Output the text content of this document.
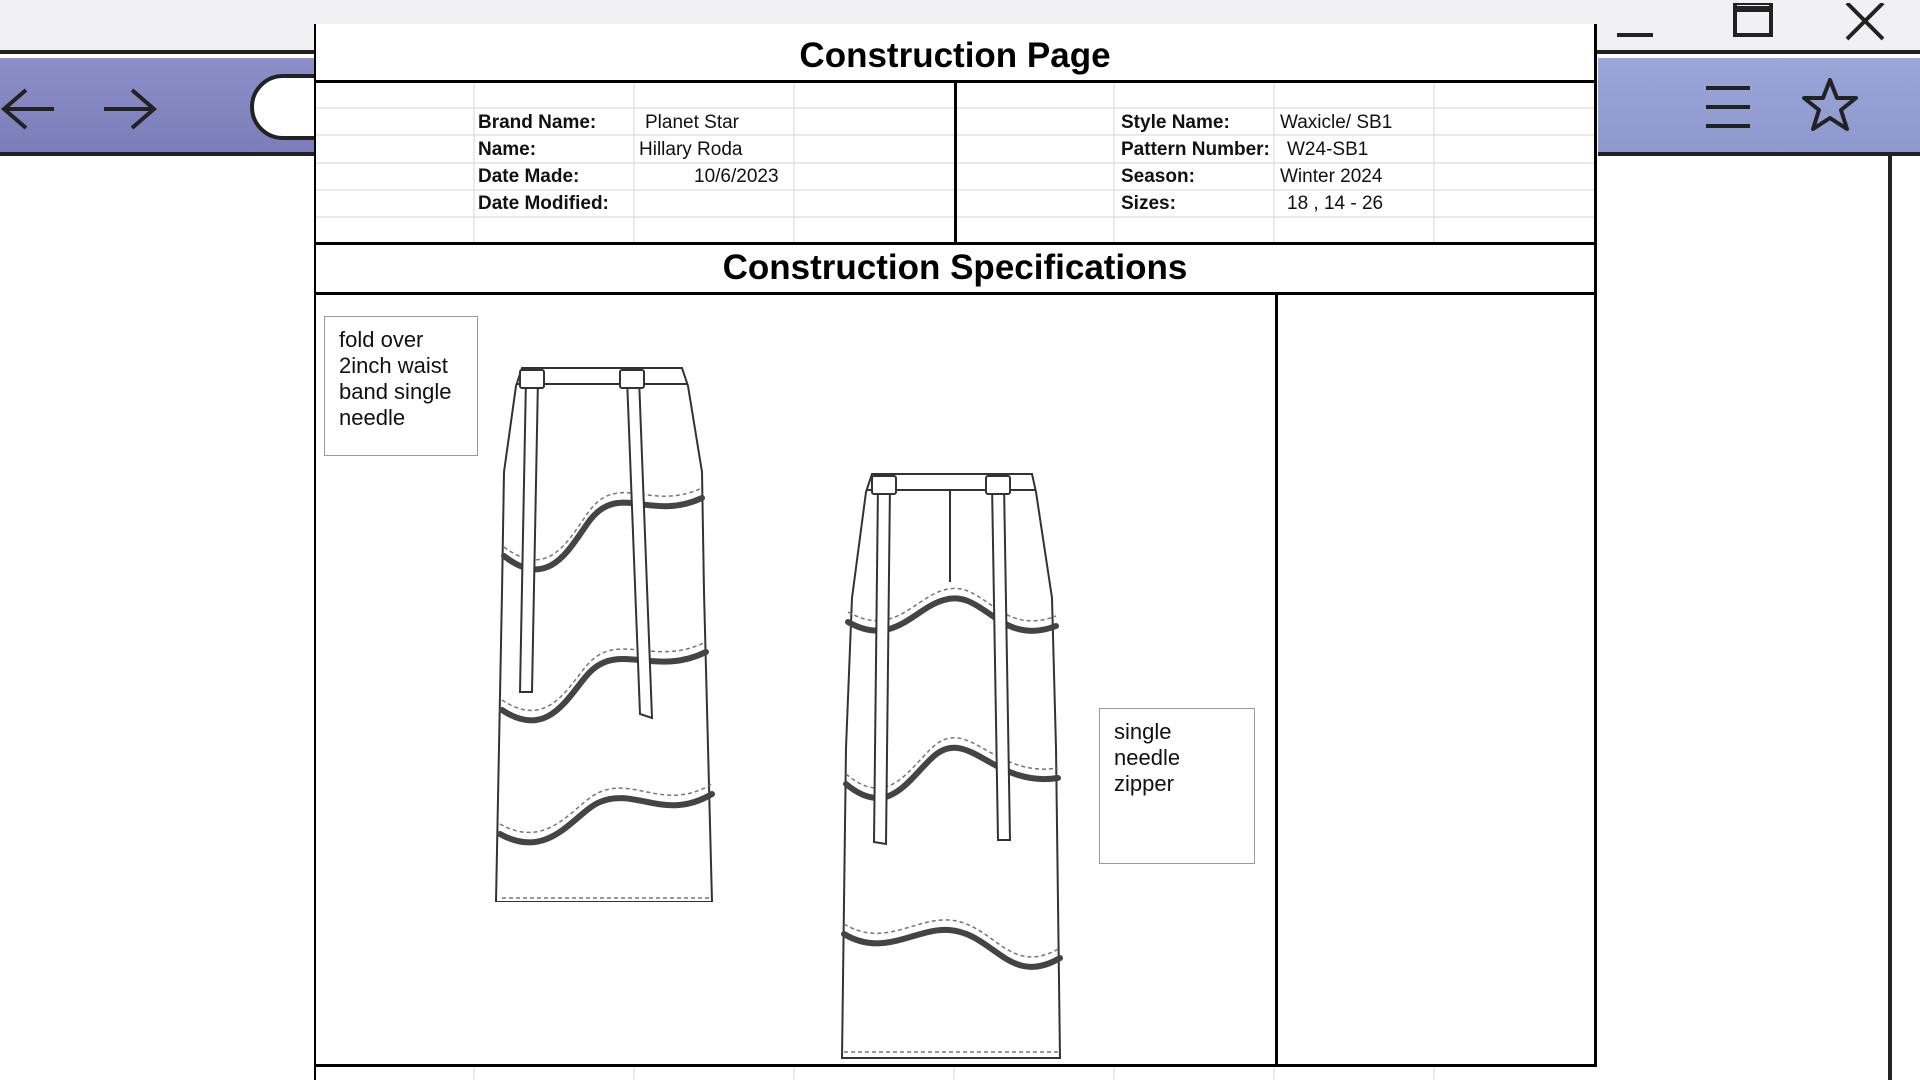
Construction Page
Brand Name:	Planet Star
Name:	Hillary Roda
Date Made:	10/6/2023
Date Modified:
Style Name:	Waxicle/ SB1
Pattern Number: W24-SB1
Season:	Winter 2024
Sizes:	18 , 14 - 26
Construction Specifications
fold over 2inch waist band single needle
single needle zipper
